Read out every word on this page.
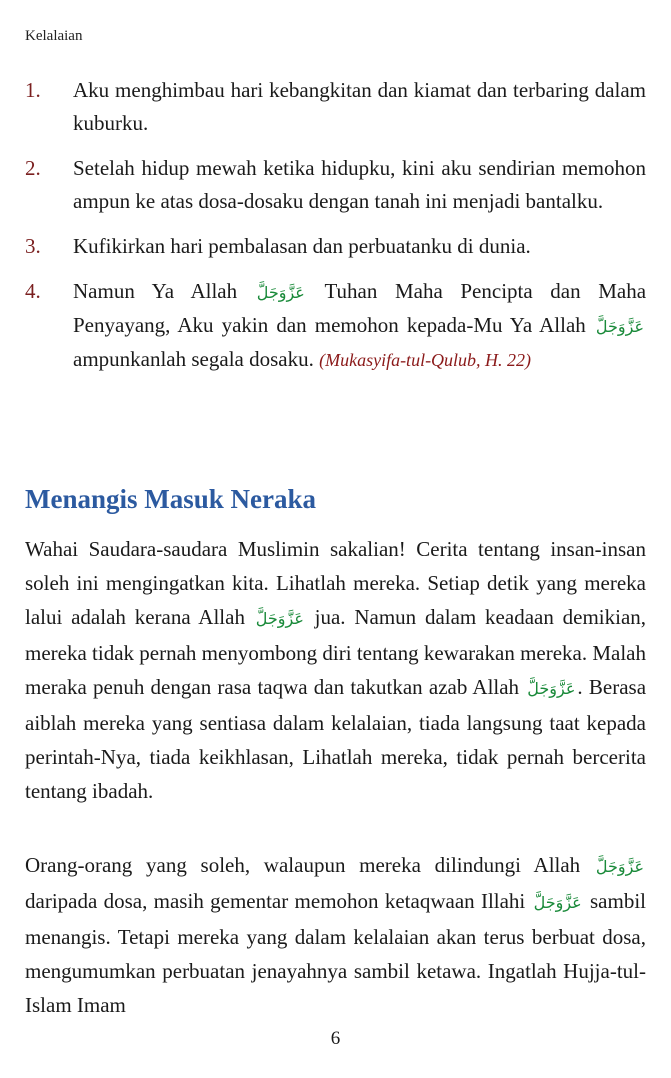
Kelalaian
1.	Aku menghimbau hari kebangkitan dan kiamat dan terbaring dalam kuburku.
2.	Setelah hidup mewah ketika hidupku, kini aku sendirian memohon ampun ke atas dosa-dosaku dengan tanah ini menjadi bantalku.
3.	Kufikirkan hari pembalasan dan perbuatanku di dunia.
4.	Namun Ya Allah عَزَّوَجَلَّ Tuhan Maha Pencipta dan Maha Penyayang, Aku yakin dan memohon kepada-Mu Ya Allah عَزَّوَجَلَّ ampunkanlah segala dosaku. (Mukasyifa-tul-Qulub, H. 22)
Menangis Masuk Neraka

Wahai Saudara-saudara Muslimin sakalian! Cerita tentang insan-insan soleh ini mengingatkan kita. Lihatlah mereka. Setiap detik yang mereka lalui adalah kerana Allah عَزَّوَجَلَّ jua. Namun dalam keadaan demikian, mereka tidak pernah menyombong diri tentang kewarakan mereka. Malah meraka penuh dengan rasa taqwa dan takutkan azab Allah عَزَّوَجَلَّ. Berasa aiblah mereka yang sentiasa dalam kelalaian, tiada langsung taat kepada perintah-Nya, tiada keikhlasan, Lihatlah mereka, tidak pernah bercerita tentang ibadah.

Orang-orang yang soleh, walaupun mereka dilindungi Allah عَزَّوَجَلَّ daripada dosa, masih gementar memohon ketaqwaan Illahi عَزَّوَجَلَّ sambil menangis. Tetapi mereka yang dalam kelalaian akan terus berbuat dosa, mengumumkan perbuatan jenayahnya sambil ketawa. Ingatlah Hujja-tul-Islam Imam

6
